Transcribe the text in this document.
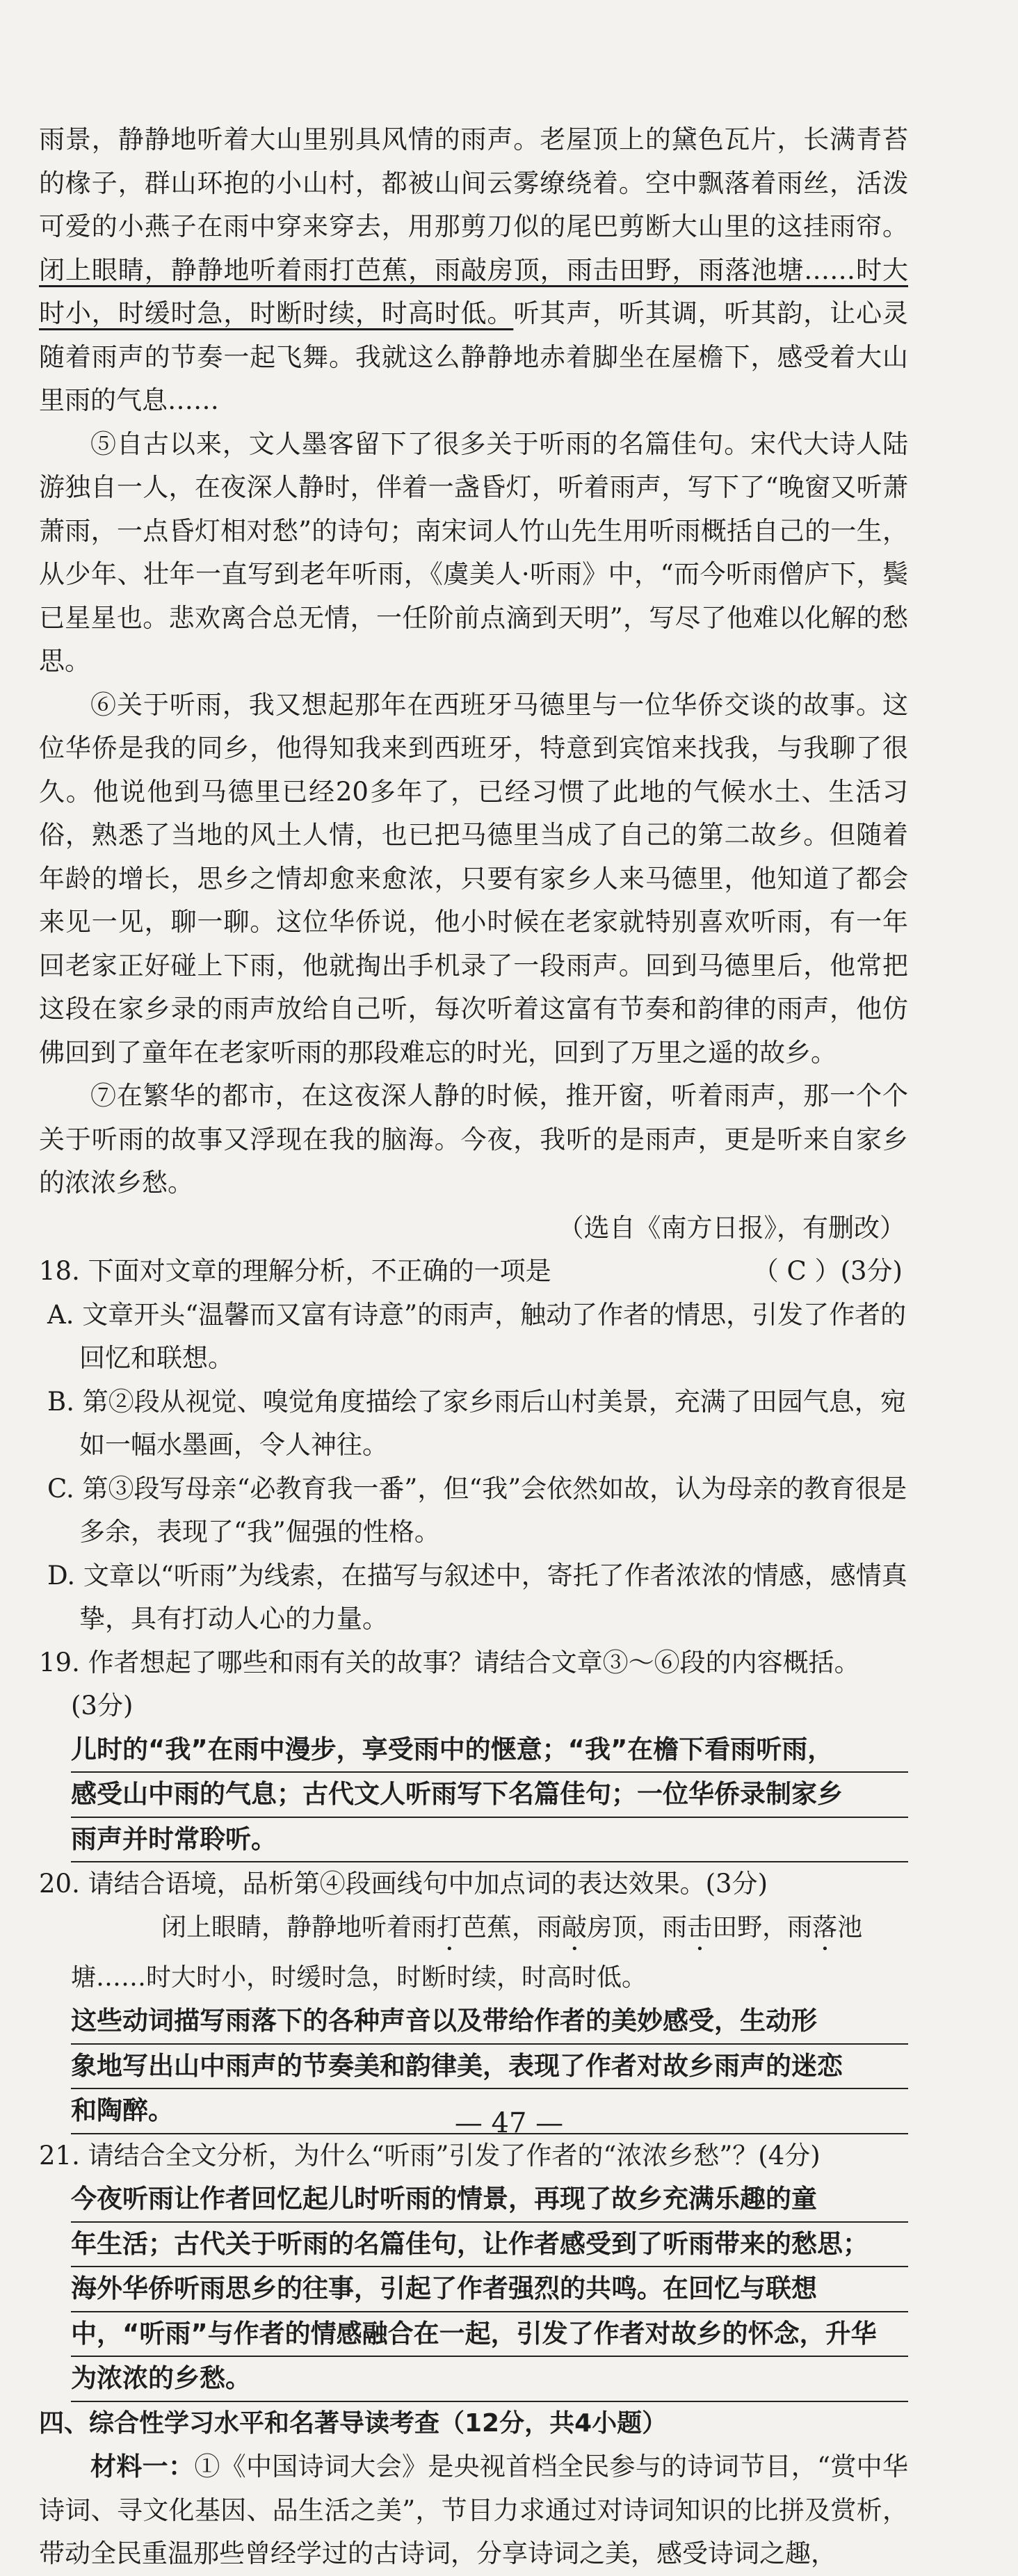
雨景，静静地听着大山里别具风情的雨声。老屋顶上的黛色瓦片，长满青苔的椽子，群山环抱的小山村，都被山间云雾缭绕着。空中飘落着雨丝，活泼可爱的小燕子在雨中穿来穿去，用那剪刀似的尾巴剪断大山里的这挂雨帘。闭上眼睛，静静地听着雨打芭蕉，雨敲房顶，雨击田野，雨落池塘……时大时小，时缓时急，时断时续，时高时低。听其声，听其调，听其韵，让心灵随着雨声的节奏一起飞舞。我就这么静静地赤着脚坐在屋檐下，感受着大山里雨的气息……

⑤自古以来，文人墨客留下了很多关于听雨的名篇佳句。宋代大诗人陆游独自一人，在夜深人静时，伴着一盏昏灯，听着雨声，写下了“晚窗又听萧萧雨，一点昏灯相对愁”的诗句；南宋词人竹山先生用听雨概括自己的一生，从少年、壮年一直写到老年听雨，《虞美人·听雨》中，“而今听雨僧庐下，鬓已星星也。悲欢离合总无情，一任阶前点滴到天明”，写尽了他难以化解的愁思。

⑥关于听雨，我又想起那年在西班牙马德里与一位华侨交谈的故事。这位华侨是我的同乡，他得知我来到西班牙，特意到宾馆来找我，与我聊了很久。他说他到马德里已经20多年了，已经习惯了此地的气候水土、生活习俗，熟悉了当地的风土人情，也已把马德里当成了自己的第二故乡。但随着年龄的增长，思乡之情却愈来愈浓，只要有家乡人来马德里，他知道了都会来见一见，聊一聊。这位华侨说，他小时候在老家就特别喜欢听雨，有一年回老家正好碰上下雨，他就掏出手机录了一段雨声。回到马德里后，他常把这段在家乡录的雨声放给自己听，每次听着这富有节奏和韵律的雨声，他仿佛回到了童年在老家听雨的那段难忘的时光，回到了万里之遥的故乡。

⑦在繁华的都市，在这夜深人静的时候，推开窗，听着雨声，那一个个关于听雨的故事又浮现在我的脑海。今夜，我听的是雨声，更是听来自家乡的浓浓乡愁。

（选自《南方日报》，有删改）

18. 下面对文章的理解分析，不正确的一项是	（ C ）(3分)

A. 文章开头“温馨而又富有诗意”的雨声，触动了作者的情思，引发了作者的回忆和联想。

B. 第②段从视觉、嗅觉角度描绘了家乡雨后山村美景，充满了田园气息，宛如一幅水墨画，令人神往。

C. 第③段写母亲“必教育我一番”，但“我”会依然如故，认为母亲的教育很是多余，表现了“我”倔强的性格。

D. 文章以“听雨”为线索，在描写与叙述中，寄托了作者浓浓的情感，感情真挚，具有打动人心的力量。

19. 作者想起了哪些和雨有关的故事？请结合文章③～⑥段的内容概括。

(3分)

儿时的“我”在雨中漫步，享受雨中的惬意；“我”在檐下看雨听雨，
感受山中雨的气息；古代文人听雨写下名篇佳句；一位华侨录制家乡
雨声并时常聆听。

20. 请结合语境，品析第④段画线句中加点词的表达效果。(3分)

闭上眼睛，静静地听着雨打芭蕉，雨敲房顶，雨击田野，雨落池塘……时大时小，时缓时急，时断时续，时高时低。

这些动词描写雨落下的各种声音以及带给作者的美妙感受，生动形
象地写出山中雨声的节奏美和韵律美，表现了作者对故乡雨声的迷恋
和陶醉。

21. 请结合全文分析，为什么“听雨”引发了作者的“浓浓乡愁”？(4分)

今夜听雨让作者回忆起儿时听雨的情景，再现了故乡充满乐趣的童
年生活；古代关于听雨的名篇佳句，让作者感受到了听雨带来的愁思；
海外华侨听雨思乡的往事，引起了作者强烈的共鸣。在回忆与联想
中，“听雨”与作者的情感融合在一起，引发了作者对故乡的怀念，升华
为浓浓的乡愁。

四、综合性学习水平和名著导读考查（12分，共4小题）

材料一：①《中国诗词大会》是央视首档全民参与的诗词节目，“赏中华诗词、寻文化基因、品生活之美”，节目力求通过对诗词知识的比拼及赏析，带动全民重温那些曾经学过的古诗词，分享诗词之美，感受诗词之趣，

— 47 —
